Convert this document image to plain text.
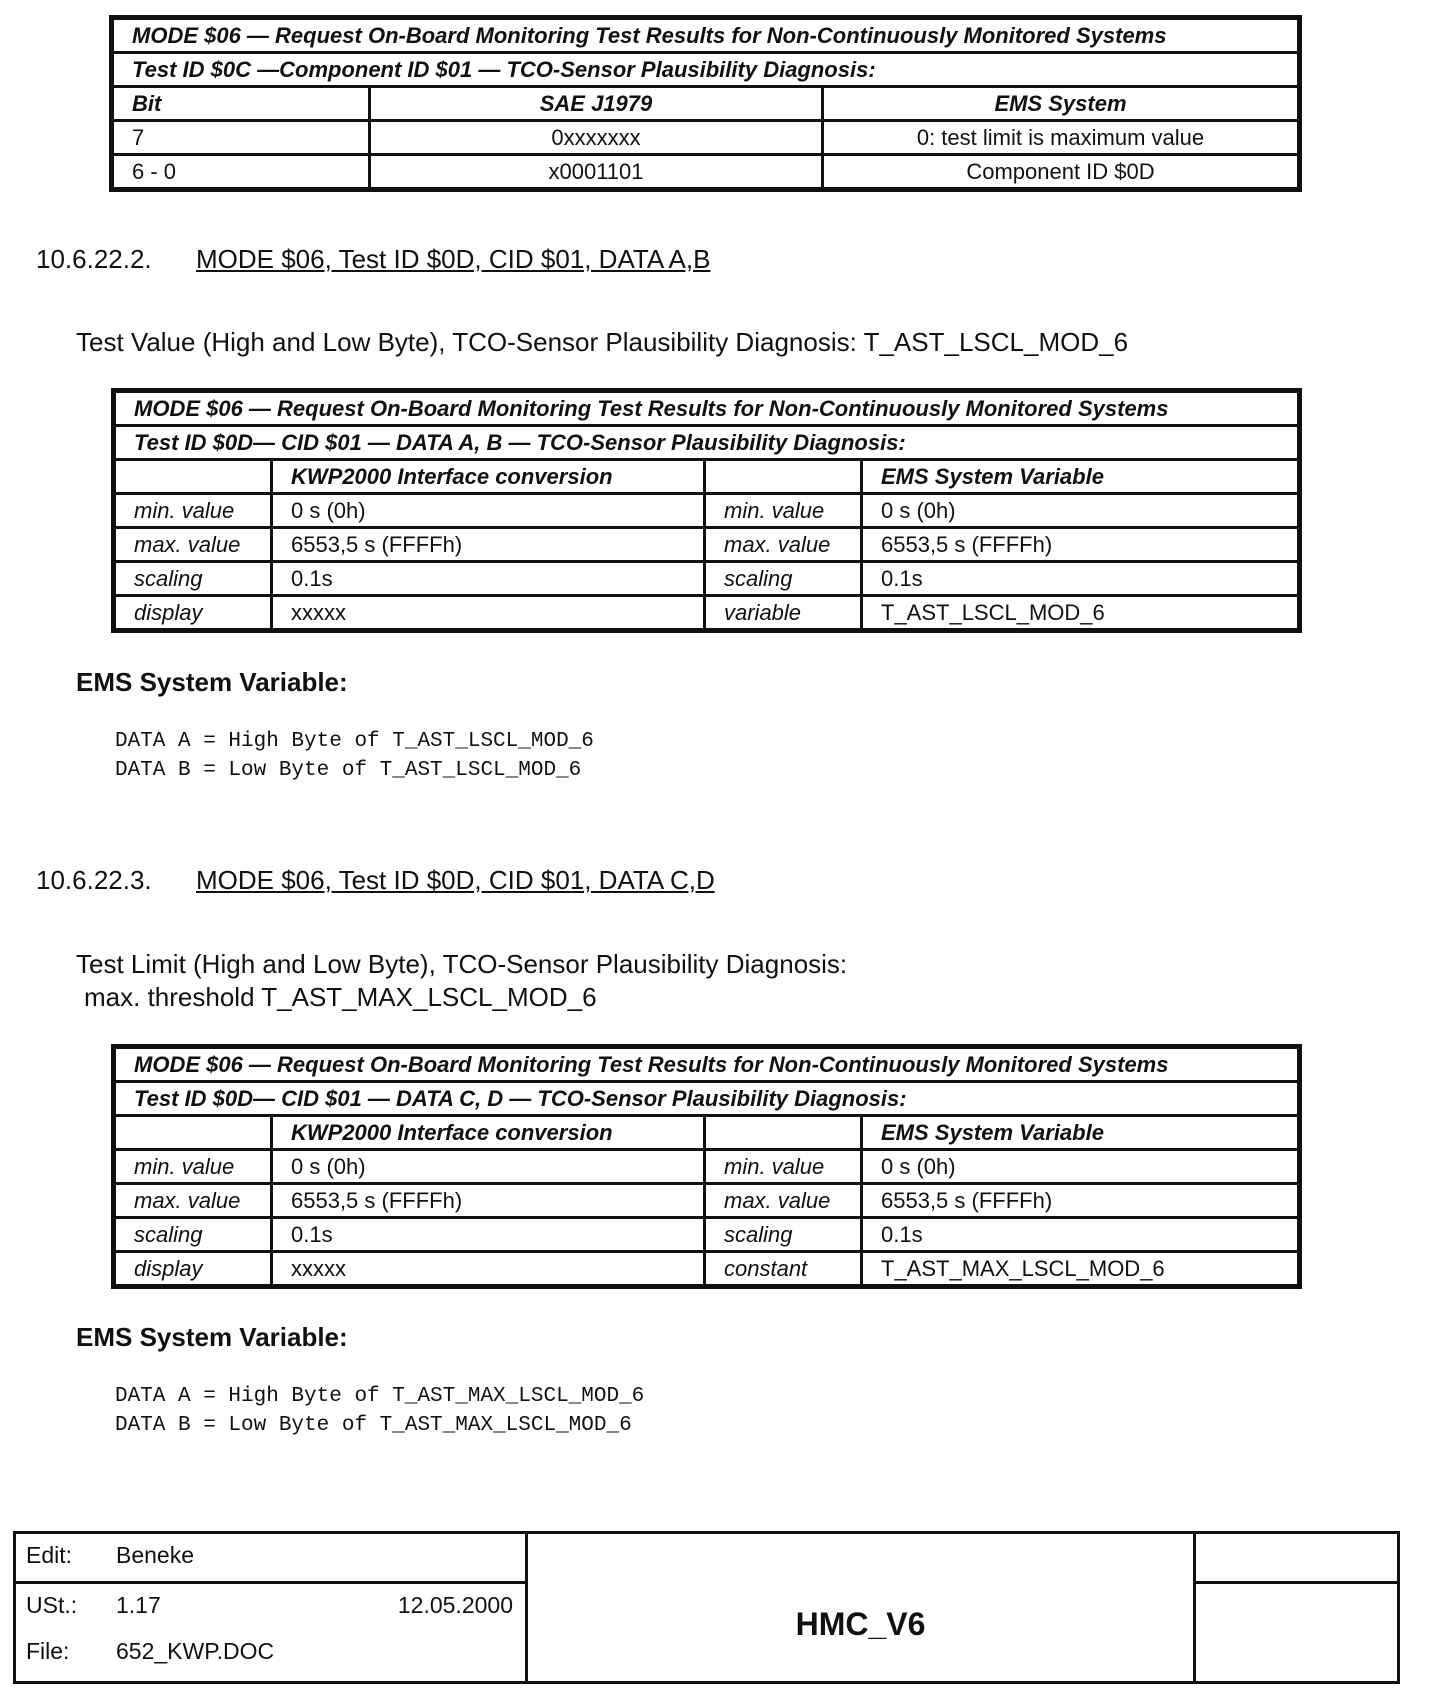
MODE $06 — Request On-Board Monitoring Test Results for Non-Continuously Monitored Systems		
Test ID $0C —Component ID $01 — TCO-Sensor Plausibility Diagnosis:		
Bit	SAE J1979	EMS System
7	0xxxxxxx	0: test limit is maximum value
6 - 0	x0001101	Component ID $0D
10.6.22.2. MODE $06, Test ID $0D, CID $01, DATA A,B
Test Value (High and Low Byte), TCO-Sensor Plausibility Diagnosis: T_AST_LSCL_MOD_6
MODE $06 — Request On-Board Monitoring Test Results for Non-Continuously Monitored Systems			
Test ID $0D— CID $01 — DATA A, B — TCO-Sensor Plausibility Diagnosis:			
	KWP2000 Interface conversion		EMS System Variable
min. value	0 s (0h)	min. value	0 s (0h)
max. value	6553,5 s (FFFFh)	max. value	6553,5 s (FFFFh)
scaling	0.1s	scaling	0.1s
display	xxxxx	variable	T_AST_LSCL_MOD_6
EMS System Variable:
DATA A = High Byte of T_AST_LSCL_MOD_6
DATA B = Low Byte of T_AST_LSCL_MOD_6
10.6.22.3. MODE $06, Test ID $0D, CID $01, DATA C,D
Test Limit (High and Low Byte), TCO-Sensor Plausibility Diagnosis:
max. threshold T_AST_MAX_LSCL_MOD_6
MODE $06 — Request On-Board Monitoring Test Results for Non-Continuously Monitored Systems			
Test ID $0D— CID $01 — DATA C, D — TCO-Sensor Plausibility Diagnosis:			
	KWP2000 Interface conversion		EMS System Variable
min. value	0 s (0h)	min. value	0 s (0h)
max. value	6553,5 s (FFFFh)	max. value	6553,5 s (FFFFh)
scaling	0.1s	scaling	0.1s
display	xxxxx	constant	T_AST_MAX_LSCL_MOD_6
EMS System Variable:
DATA A = High Byte of T_AST_MAX_LSCL_MOD_6
DATA B = Low Byte of T_AST_MAX_LSCL_MOD_6
Edit: Beneke	HMC_V6	

USt.: 1.17 12.05.2000
File: 652_KWP.DOC		
